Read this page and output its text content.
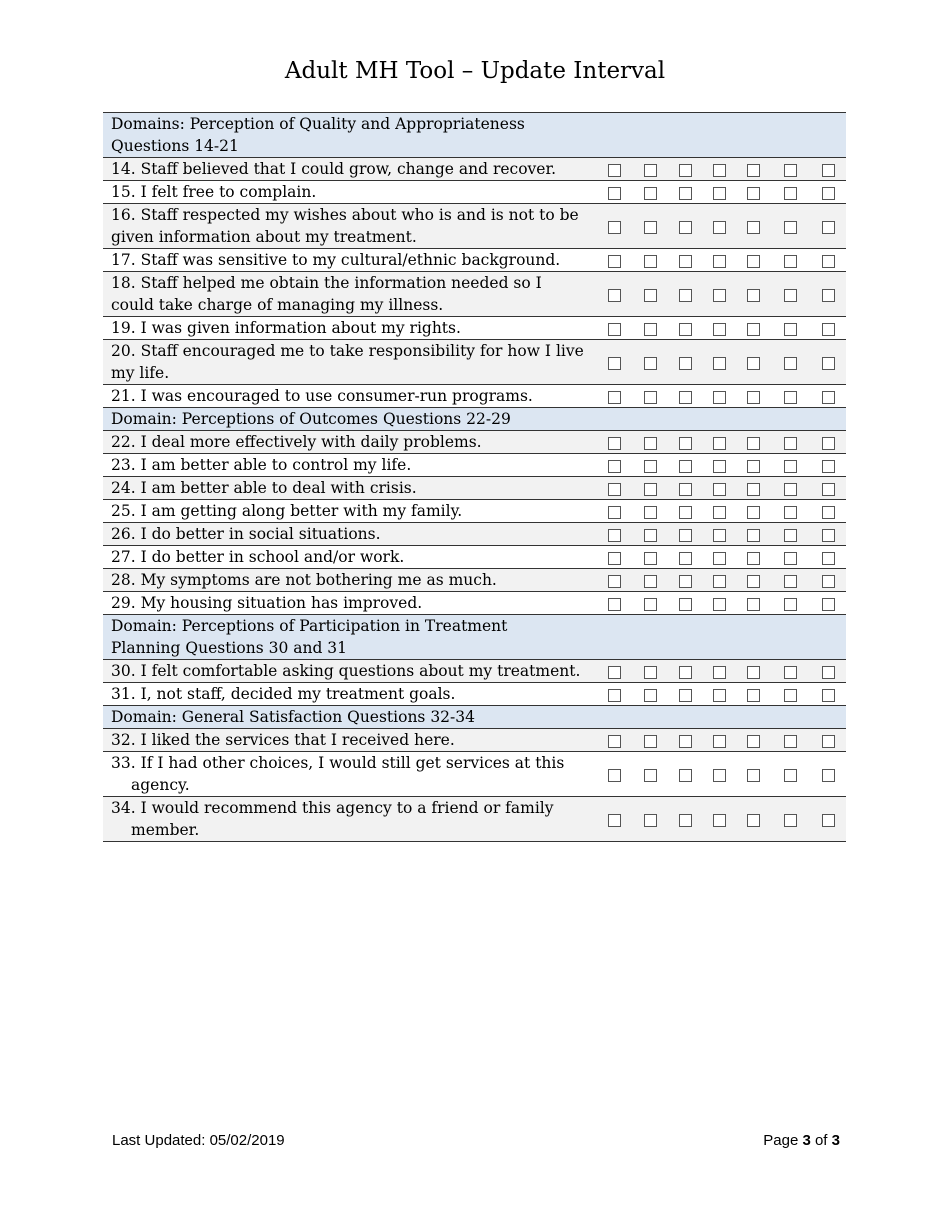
Adult MH Tool – Update Interval
Domains: Perception of Quality and Appropriateness Questions 14-21							
14. Staff believed that I could grow, change and recover.							
15. I felt free to complain.							
16. Staff respected my wishes about who is and is not to be given information about my treatment.							
17. Staff was sensitive to my cultural/ethnic background.							
18. Staff helped me obtain the information needed so I could take charge of managing my illness.							
19. I was given information about my rights.							
20. Staff encouraged me to take responsibility for how I live my life.							
21. I was encouraged to use consumer-run programs.							
Domain: Perceptions of Outcomes Questions 22-29							
22. I deal more effectively with daily problems.							
23. I am better able to control my life.							
24. I am better able to deal with crisis.							
25. I am getting along better with my family.							
26. I do better in social situations.							
27. I do better in school and/or work.							
28. My symptoms are not bothering me as much.							
29. My housing situation has improved.							
Domain: Perceptions of Participation in Treatment Planning Questions 30 and 31							
30. I felt comfortable asking questions about my treatment.							
31. I, not staff, decided my treatment goals.							
Domain: General Satisfaction Questions 32-34							
32. I liked the services that I received here.							
33. If I had other choices, I would still get services at this agency.							
34. I would recommend this agency to a friend or family member.							
Last Updated: 05/02/2019	Page 3 of 3
